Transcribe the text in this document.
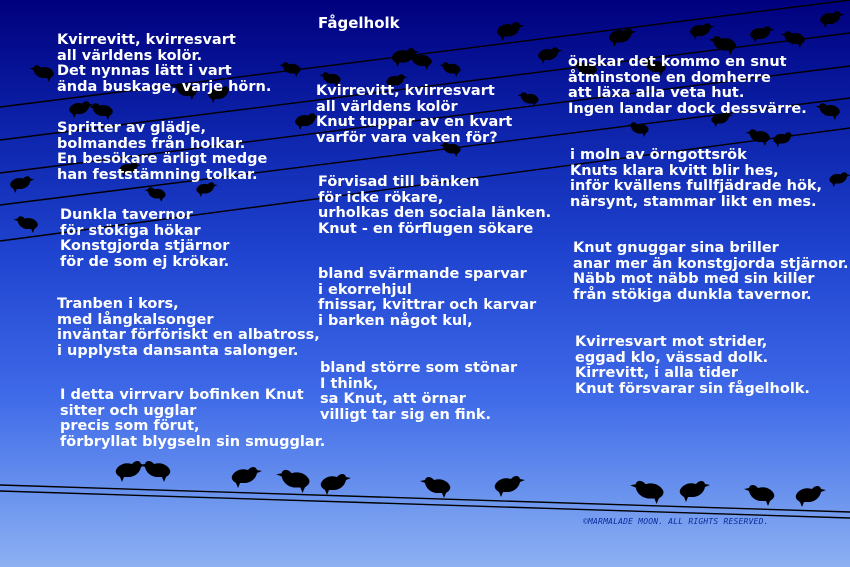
Fågelholk
Kvirrevitt, kvirresvart
all världens kolör.
Det nynnas lätt i vart
ända buskage, varje hörn.
Spritter av glädje,
bolmandes från holkar.
En besökare ärligt medge
han feststämning tolkar.
Dunkla tavernor
för stökiga hökar
Konstgjorda stjärnor
för de som ej krökar.
Tranben i kors,
med långkalsonger
inväntar förföriskt en albatross,
i upplysta dansanta salonger.
I detta virrvarv bofinken Knut
sitter och ugglar
precis som förut,
förbryllat blygseln sin smugglar.
Kvirrevitt, kvirresvart
all världens kolör
Knut tuppar av en kvart
varför vara vaken för?
Förvisad till bänken
för icke rökare,
urholkas den sociala länken.
Knut - en förflugen sökare
bland svärmande sparvar
i ekorrehjul
fnissar, kvittrar och karvar
i barken något kul,
bland större som stönar
I think,
sa Knut, att örnar
villigt tar sig en fink.
önskar det kommo en snut
åtminstone en domherre
att läxa alla veta hut.
Ingen landar dock dessvärre.
i moln av örngottsrök
Knuts klara kvitt blir hes,
inför kvällens fullfjädrade hök,
närsynt, stammar likt en mes.
Knut gnuggar sina briller
anar mer än konstgjorda stjärnor.
Näbb mot näbb med sin killer
från stökiga dunkla tavernor.
Kvirresvart mot strider,
eggad klo, vässad dolk.
Kirrevitt, i alla tider
Knut försvarar sin fågelholk.
©MARMALADE MOON. ALL RIGHTS RESERVED.
